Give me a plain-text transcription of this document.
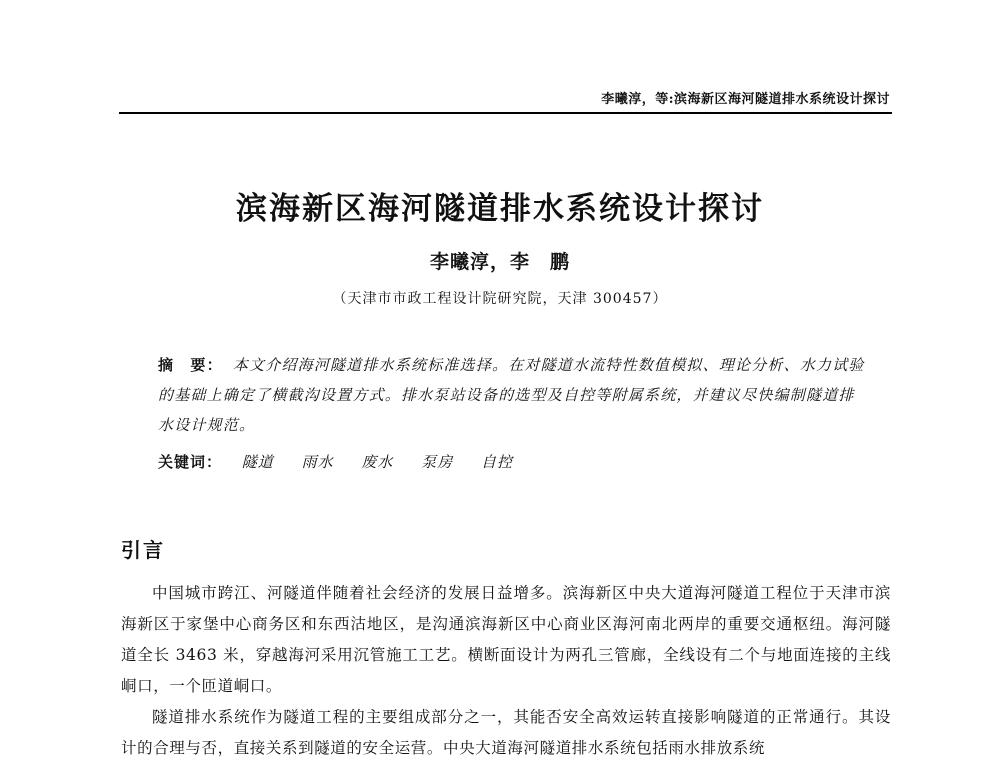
李曦淳，等:滨海新区海河隧道排水系统设计探讨
滨海新区海河隧道排水系统设计探讨
李曦淳，李　鹏
（天津市市政工程设计院研究院，天津 300457）
摘　要： 本文介绍海河隧道排水系统标准选择。在对隧道水流特性数值模拟、理论分析、水力试验的基础上确定了横截沟设置方式。排水泵站设备的选型及自控等附属系统，并建议尽快编制隧道排水设计规范。
关键词： 隧道 雨水 废水 泵房 自控
引言

中国城市跨江、河隧道伴随着社会经济的发展日益增多。滨海新区中央大道海河隧道工程位于天津市滨海新区于家堡中心商务区和东西沽地区，是沟通滨海新区中心商业区海河南北两岸的重要交通枢纽。海河隧道全长 3463 米，穿越海河采用沉管施工工艺。横断面设计为两孔三管廊，全线设有二个与地面连接的主线峒口，一个匝道峒口。

隧道排水系统作为隧道工程的主要组成部分之一，其能否安全高效运转直接影响隧道的正常通行。其设计的合理与否，直接关系到隧道的安全运营。中央大道海河隧道排水系统包括雨水排放系统
